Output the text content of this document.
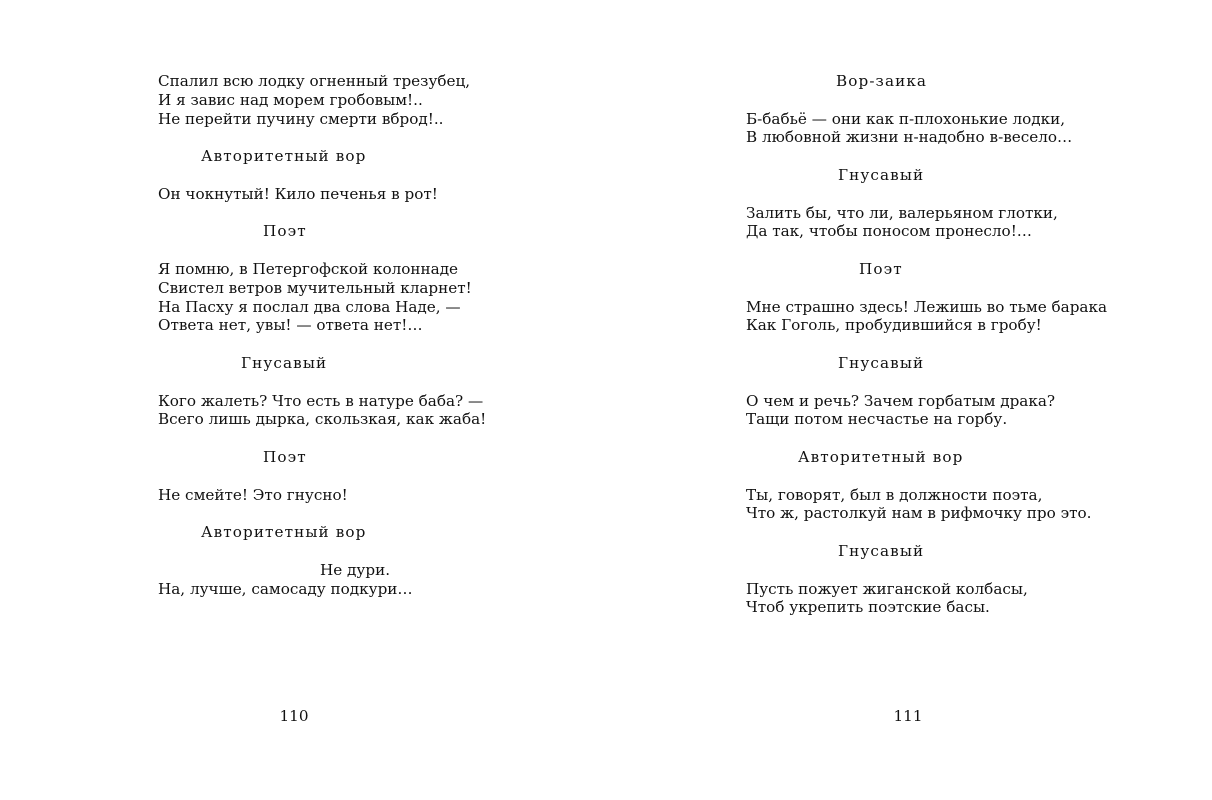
Спалил всю лодку огненный трезубец,
И я завис над морем гробовым!..
Не перейти пучину смерти вброд!..
Авторитетный вор
Он чокнутый! Кило печенья в рот!
Поэт
Я помню, в Петергофской колоннаде
Свистел ветров мучительный кларнет!
На Пасху я послал два слова Наде, —
Ответа нет, увы! — ответа нет!…
Гнусавый
Кого жалеть? Что есть в натуре баба? —
Всего лишь дырка, скользкая, как жаба!
Поэт
Не смейте! Это гнусно!
Авторитетный вор
Не дури.
На, лучше, самосаду подкури…
110
Вор-заика
Б-бабьё — они как п-плохонькие лодки,
В любовной жизни н-надобно в-весело…
Гнусавый
Залить бы, что ли, валерьяном глотки,
Да так, чтобы поносом пронесло!…
Поэт
Мне страшно здесь! Лежишь во тьме барака
Как Гоголь, пробудившийся в гробу!
Гнусавый
О чем и речь? Зачем горбатым драка?
Тащи потом несчастье на горбу.
Авторитетный вор
Ты, говорят, был в должности поэта,
Что ж, растолкуй нам в рифмочку про это.
Гнусавый
Пусть пожует жиганской колбасы,
Чтоб укрепить поэтские басы.
111
